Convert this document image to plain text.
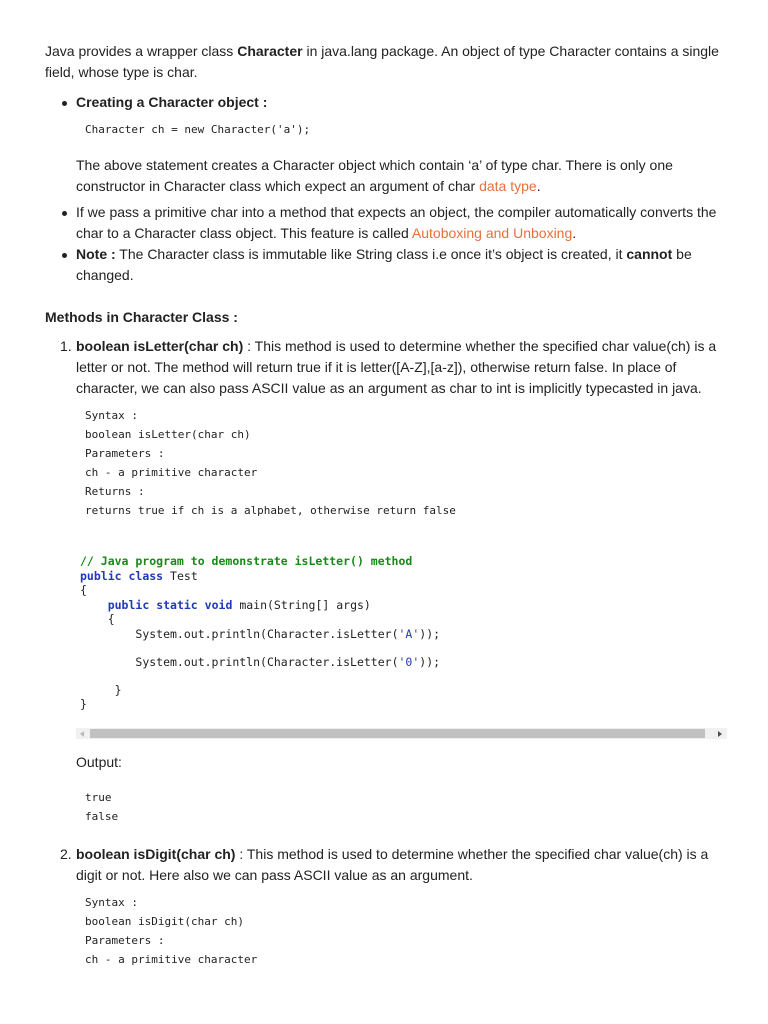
Java provides a wrapper class Character in java.lang package. An object of type Character contains a single field, whose type is char.

Creating a Character object :
Character ch = new Character('a');

The above statement creates a Character object which contain ‘a’ of type char. There is only one constructor in Character class which expect an argument of char data type.

If we pass a primitive char into a method that expects an object, the compiler automatically converts the char to a Character class object. This feature is called Autoboxing and Unboxing.
Note : The Character class is immutable like String class i.e once it’s object is created, it cannot be changed.
Methods in Character Class :
1. boolean isLetter(char ch) : This method is used to determine whether the specified char value(ch) is a letter or not. The method will return true if it is letter([A-Z],[a-z]), otherwise return false. In place of character, we can also pass ASCII value as an argument as char to int is implicitly typecasted in java.
Syntax :
boolean isLetter(char ch)
Parameters :
ch - a primitive character
Returns :
returns true if ch is a alphabet, otherwise return false
// Java program to demonstrate isLetter() method
public class Test
{
public static void main(String[] args)
{
System.out.println(Character.isLetter('A'));
System.out.println(Character.isLetter('0'));
}
}

Output:

true
false
2. boolean isDigit(char ch) : This method is used to determine whether the specified char value(ch) is a digit or not. Here also we can pass ASCII value as an argument.
Syntax :
boolean isDigit(char ch)
Parameters :
ch - a primitive character
